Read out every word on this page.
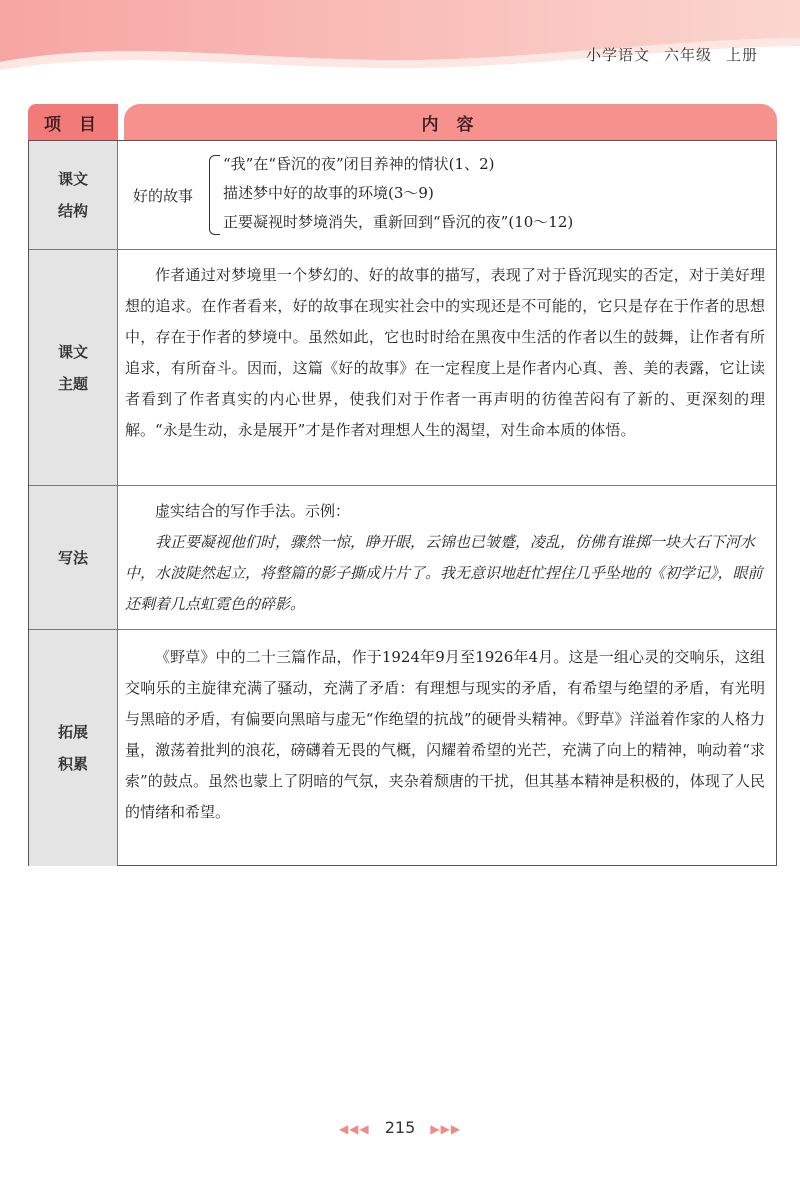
小学语文 六年级 上册
项 目	内 容
课文
结构
好的故事
“我”在“昏沉的夜”闭目养神的情状(1、2)
描述梦中好的故事的环境(3～9)
正要凝视时梦境消失，重新回到“昏沉的夜”(10～12)
课文
主题

作者通过对梦境里一个梦幻的、好的故事的描写，表现了对于昏沉现实的否定，对于美好理想的追求。在作者看来，好的故事在现实社会中的实现还是不可能的，它只是存在于作者的思想中，存在于作者的梦境中。虽然如此，它也时时给在黑夜中生活的作者以生的鼓舞，让作者有所追求，有所奋斗。因而，这篇《好的故事》在一定程度上是作者内心真、善、美的表露，它让读者看到了作者真实的内心世界，使我们对于作者一再声明的彷徨苦闷有了新的、更深刻的理解。“永是生动，永是展开”才是作者对理想人生的渴望，对生命本质的体悟。

写法

虚实结合的写作手法。示例：

我正要凝视他们时，骤然一惊，睁开眼，云锦也已皱蹙，凌乱，仿佛有谁掷一块大石下河水中，水波陡然起立，将整篇的影子撕成片片了。我无意识地赶忙捏住几乎坠地的《初学记》，眼前还剩着几点虹霓色的碎影。

拓展
积累

《野草》中的二十三篇作品，作于1924年9月至1926年4月。这是一组心灵的交响乐，这组交响乐的主旋律充满了骚动，充满了矛盾：有理想与现实的矛盾，有希望与绝望的矛盾，有光明与黑暗的矛盾，有偏要向黑暗与虚无“作绝望的抗战”的硬骨头精神。《野草》洋溢着作家的人格力量，激荡着批判的浪花，磅礴着无畏的气概，闪耀着希望的光芒，充满了向上的精神，响动着“求索”的鼓点。虽然也蒙上了阴暗的气氛，夹杂着颓唐的干扰，但其基本精神是积极的，体现了人民的情绪和希望。

◀◀◀ 215 ▶▶▶
